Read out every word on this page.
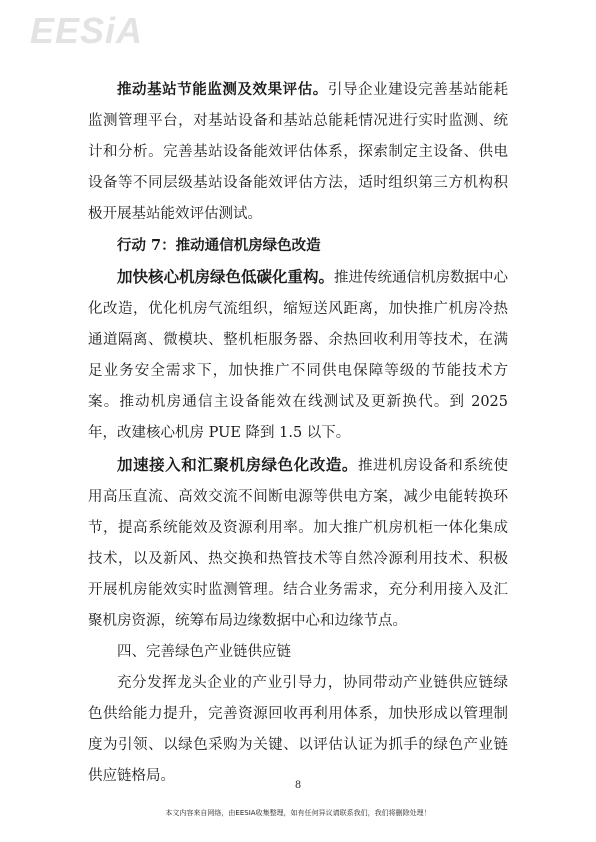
EESiA

推动基站节能监测及效果评估。引导企业建设完善基站能耗监测管理平台，对基站设备和基站总能耗情况进行实时监测、统计和分析。完善基站设备能效评估体系，探索制定主设备、供电设备等不同层级基站设备能效评估方法，适时组织第三方机构积极开展基站能效评估测试。

行动 7：推动通信机房绿色改造

加快核心机房绿色低碳化重构。推进传统通信机房数据中心化改造，优化机房气流组织，缩短送风距离，加快推广机房冷热通道隔离、微模块、整机柜服务器、余热回收利用等技术，在满足业务安全需求下，加快推广不同供电保障等级的节能技术方案。推动机房通信主设备能效在线测试及更新换代。到 2025 年，改建核心机房 PUE 降到 1.5 以下。

加速接入和汇聚机房绿色化改造。推进机房设备和系统使用高压直流、高效交流不间断电源等供电方案，减少电能转换环节，提高系统能效及资源利用率。加大推广机房机柜一体化集成技术，以及新风、热交换和热管技术等自然冷源利用技术、积极开展机房能效实时监测管理。结合业务需求，充分利用接入及汇聚机房资源，统筹布局边缘数据中心和边缘节点。

四、完善绿色产业链供应链

充分发挥龙头企业的产业引导力，协同带动产业链供应链绿色供给能力提升，完善资源回收再利用体系，加快形成以管理制度为引领、以绿色采购为关键、以评估认证为抓手的绿色产业链供应链格局。

8
本文内容来自网络，由EESIA收集整理，如有任何异议请联系我们，我们将删除处理！
